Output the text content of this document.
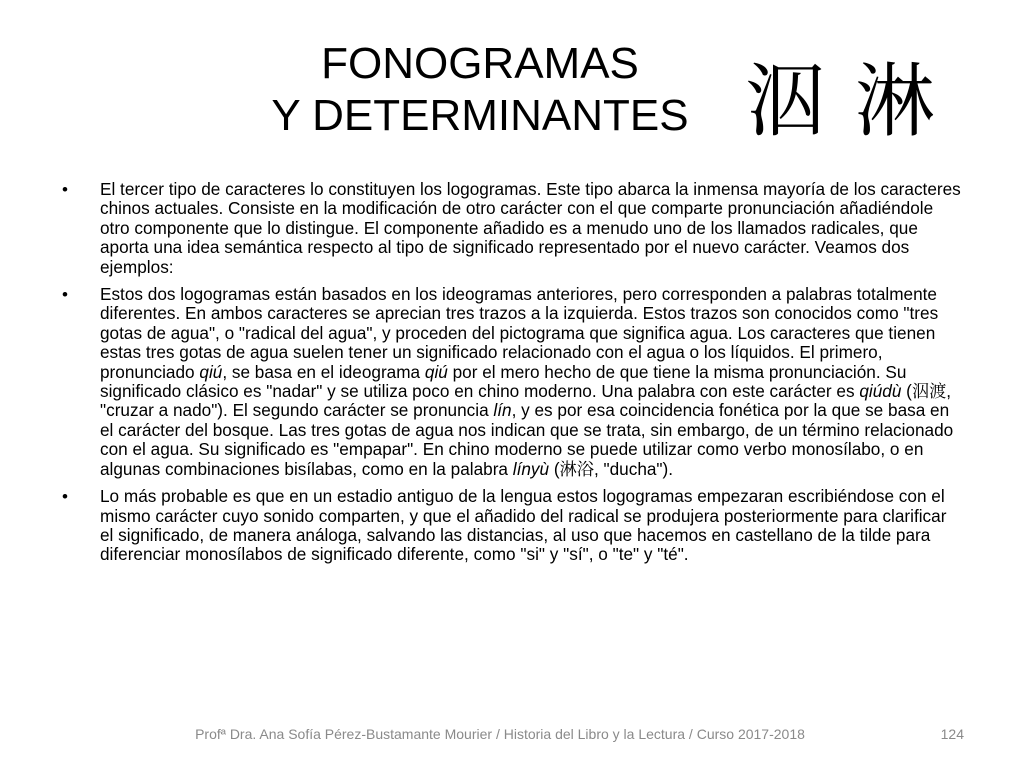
FONOGRAMAS
Y DETERMINANTES 泅 淋
• El tercer tipo de caracteres lo constituyen los logogramas. Este tipo abarca la inmensa mayoría de los caracteres chinos actuales. Consiste en la modificación de otro carácter con el que comparte pronunciación añadiéndole otro componente que lo distingue. El componente añadido es a menudo uno de los llamados radicales, que aporta una idea semántica respecto al tipo de significado representado por el nuevo carácter. Veamos dos ejemplos:
• Estos dos logogramas están basados en los ideogramas anteriores, pero corresponden a palabras totalmente diferentes. En ambos caracteres se aprecian tres trazos a la izquierda. Estos trazos son conocidos como "tres gotas de agua", o "radical del agua", y proceden del pictograma que significa agua. Los caracteres que tienen estas tres gotas de agua suelen tener un significado relacionado con el agua o los líquidos. El primero, pronunciado qiú, se basa en el ideograma qiú por el mero hecho de que tiene la misma pronunciación. Su significado clásico es "nadar" y se utiliza poco en chino moderno. Una palabra con este carácter es qiúdù (泅渡, "cruzar a nado"). El segundo carácter se pronuncia lín, y es por esa coincidencia fonética por la que se basa en el carácter del bosque. Las tres gotas de agua nos indican que se trata, sin embargo, de un término relacionado con el agua. Su significado es "empapar". En chino moderno se puede utilizar como verbo monosílabo, o en algunas combinaciones bisílabas, como en la palabra línyù (淋浴, "ducha").
• Lo más probable es que en un estadio antiguo de la lengua estos logogramas empezaran escribiéndose con el mismo carácter cuyo sonido comparten, y que el añadido del radical se produjera posteriormente para clarificar el significado, de manera análoga, salvando las distancias, al uso que hacemos en castellano de la tilde para diferenciar monosílabos de significado diferente, como "si" y "sí", o "te" y "té".
Profª Dra. Ana Sofía Pérez-Bustamante Mourier / Historia del Libro y la Lectura / Curso 2017-2018	124
